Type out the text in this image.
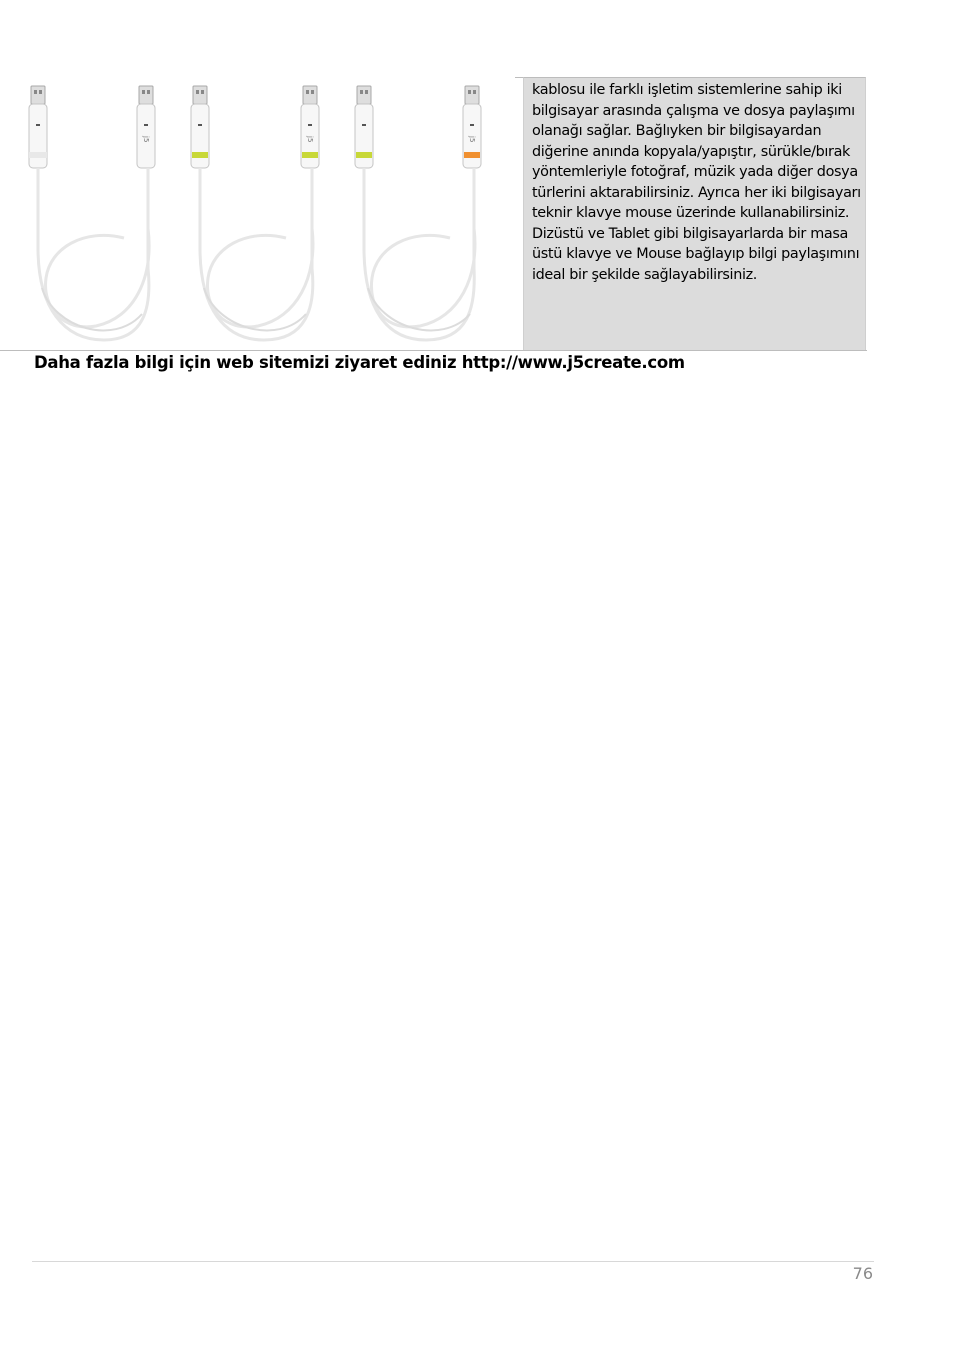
j5	j5	j5

kablosu ile farklı işletim sistemlerine sahip iki bilgisayar arasında çalışma ve dosya paylaşımı olanağı sağlar. Bağlıyken bir bilgisayardan diğerine anında kopyala/yapıştır, sürükle/bırak yöntemleriyle fotoğraf, müzik yada diğer dosya türlerini aktarabilirsiniz. Ayrıca her iki bilgisayarı teknir klavye mouse üzerinde kullanabilirsiniz. Dizüstü ve Tablet gibi bilgisayarlarda bir masa üstü klavye ve Mouse bağlayıp bilgi paylaşımını ideal bir şekilde sağlayabilirsiniz.

Daha fazla bilgi için web sitemizi ziyaret ediniz http://www.j5create.com

76
